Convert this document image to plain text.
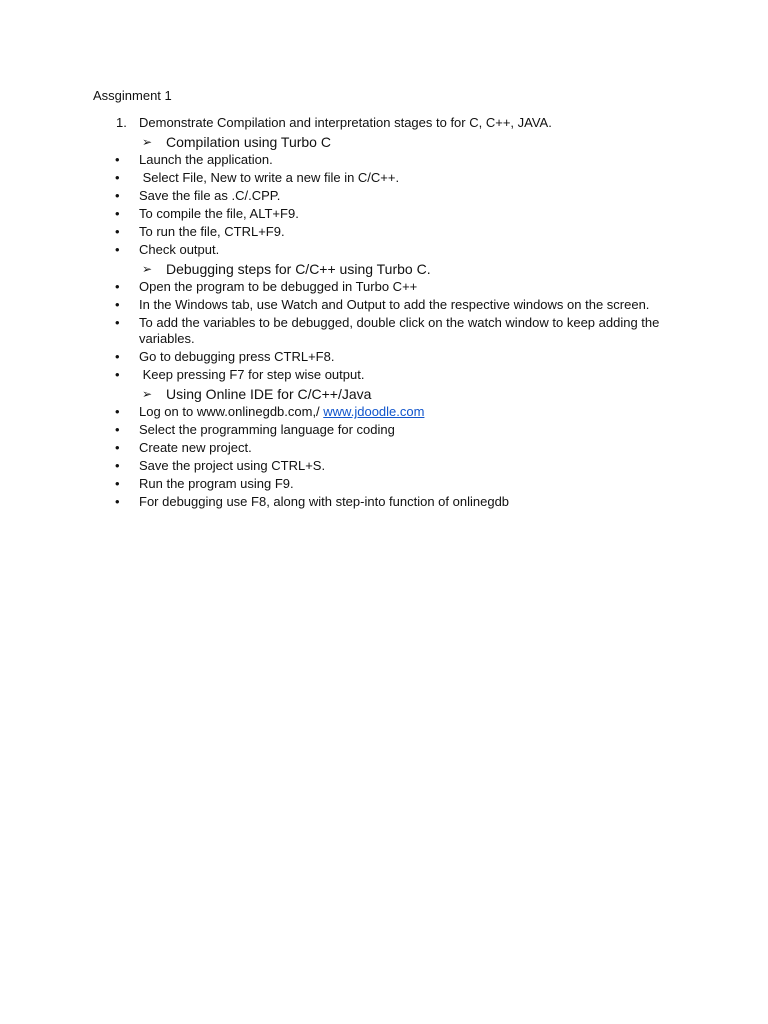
Assginment 1
1. Demonstrate Compilation and interpretation stages to for C, C++, JAVA.
➢ Compilation using Turbo C
• Launch the application.
• Select File, New to write a new file in C/C++.
• Save the file as .C/.CPP.
• To compile the file, ALT+F9.
• To run the file, CTRL+F9.
• Check output.
➢ Debugging steps for C/C++ using Turbo C.
• Open the program to be debugged in Turbo C++
• In the Windows tab, use Watch and Output to add the respective windows on the screen.
• To add the variables to be debugged, double click on the watch window to keep adding the variables.
• Go to debugging press CTRL+F8.
• Keep pressing F7 for step wise output.
➢ Using Online IDE for C/C++/Java
• Log on to www.onlinegdb.com,/ www.jdoodle.com
• Select the programming language for coding
• Create new project.
• Save the project using CTRL+S.
• Run the program using F9.
• For debugging use F8, along with step-into function of onlinegdb
